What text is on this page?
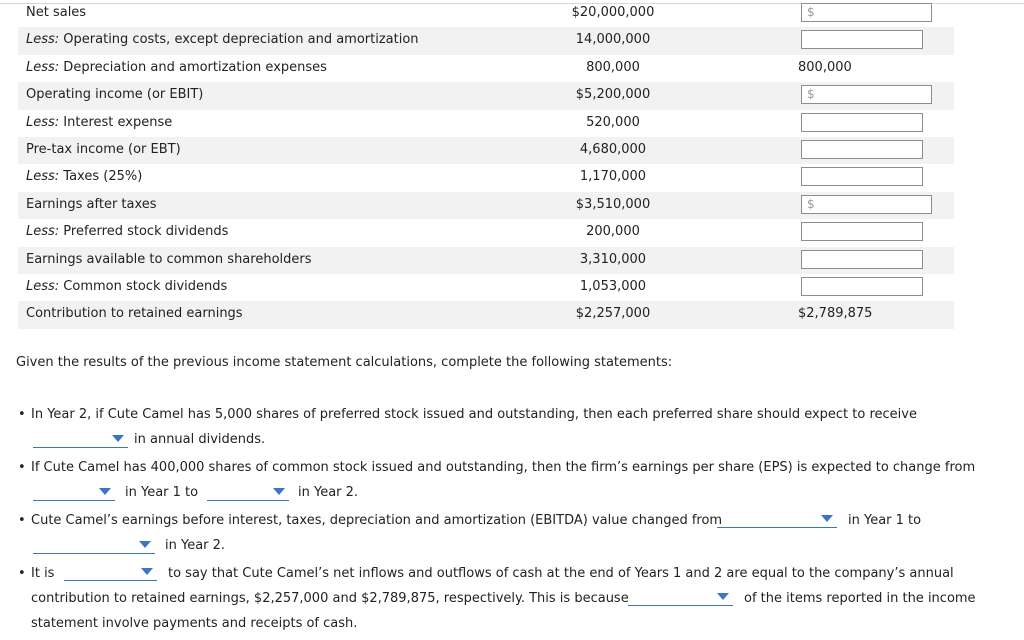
Net sales	$20,000,000	$
Less: Operating costs, except depreciation and amortization	14,000,000
Less: Depreciation and amortization expenses	800,000	800,000
Operating income (or EBIT)	$5,200,000	$
Less: Interest expense	520,000
Pre-tax income (or EBT)	4,680,000
Less: Taxes (25%)	1,170,000
Earnings after taxes	$3,510,000	$
Less: Preferred stock dividends	200,000
Earnings available to common shareholders	3,310,000
Less: Common stock dividends	1,053,000
Contribution to retained earnings	$2,257,000	$2,789,875
Given the results of the previous income statement calculations, complete the following statements:
• In Year 2, if Cute Camel has 5,000 shares of preferred stock issued and outstanding, then each preferred share should expect to receive
in annual dividends.
• If Cute Camel has 400,000 shares of common stock issued and outstanding, then the firm’s earnings per share (EPS) is expected to change from
in Year 1 to	in Year 2.
• Cute Camel’s earnings before interest, taxes, depreciation and amortization (EBITDA) value changed from	in Year 1 to
in Year 2.
• It is	to say that Cute Camel’s net inflows and outflows of cash at the end of Years 1 and 2 are equal to the company’s annual
contribution to retained earnings, $2,257,000 and $2,789,875, respectively. This is because	of the items reported in the income
statement involve payments and receipts of cash.
